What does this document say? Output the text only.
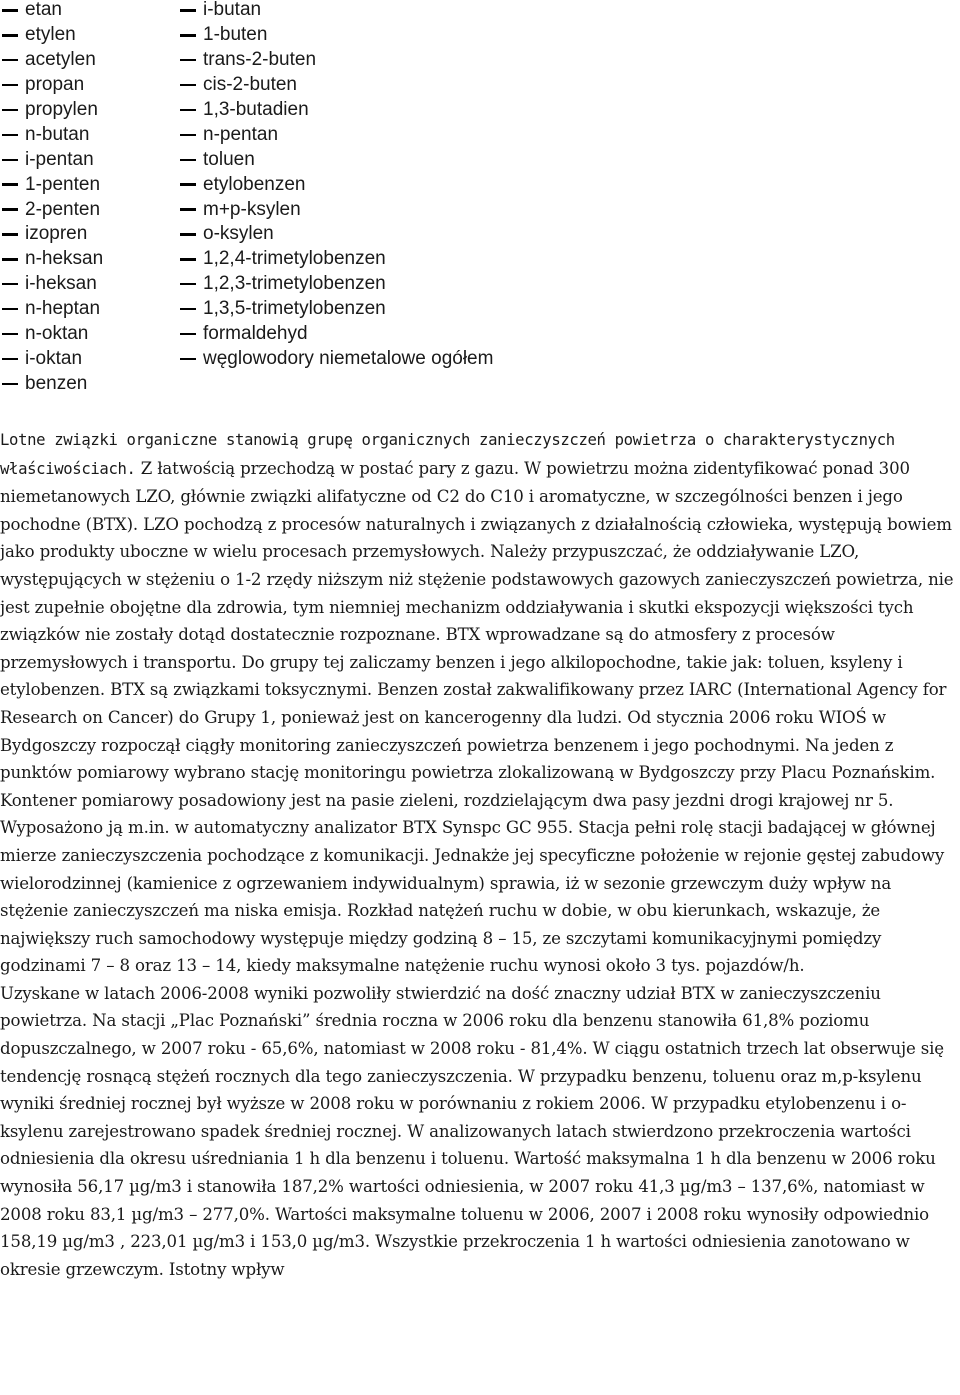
etan
etylen
acetylen
propan
propylen
n-butan
i-pentan
1-penten
2-penten
izopren
n-heksan
i-heksan
n-heptan
n-oktan
i-oktan
benzen
i-butan
1-buten
trans-2-buten
cis-2-buten
1,3-butadien
n-pentan
toluen
etylobenzen
m+p-ksylen
o-ksylen
1,2,4-trimetylobenzen
1,2,3-trimetylobenzen
1,3,5-trimetylobenzen
formaldehyd
węglowodory niemetalowe ogółem
Lotne związki organiczne stanowią grupę organicznych zanieczyszczeń powietrza o charakterystycznych właściwościach. Z łatwością przechodzą w postać pary z gazu. W powietrzu można zidentyfikować ponad 300 niemetanowych LZO, głównie związki alifatyczne od C2 do C10 i aromatyczne, w szczególności benzen i jego pochodne (BTX). LZO pochodzą z procesów naturalnych i związanych z działalnością człowieka, występują bowiem jako produkty uboczne w wielu procesach przemysłowych. Należy przypuszczać, że oddziaływanie LZO, występujących w stężeniu o 1-2 rzędy niższym niż stężenie podstawowych gazowych zanieczyszczeń powietrza, nie jest zupełnie obojętne dla zdrowia, tym niemniej mechanizm oddziaływania i skutki ekspozycji większości tych związków nie zostały dotąd dostatecznie rozpoznane. BTX wprowadzane są do atmosfery z procesów przemysłowych i transportu. Do grupy tej zaliczamy benzen i jego alkilopochodne, takie jak: toluen, ksyleny i etylobenzen. BTX są związkami toksycznymi. Benzen został zakwalifikowany przez IARC (International Agency for Research on Cancer) do Grupy 1, ponieważ jest on kancerogenny dla ludzi. Od stycznia 2006 roku WIOŚ w Bydgoszczy rozpoczął ciągły monitoring zanieczyszczeń powietrza benzenem i jego pochodnymi. Na jeden z punktów pomiarowy wybrano stację monitoringu powietrza zlokalizowaną w Bydgoszczy przy Placu Poznańskim. Kontener pomiarowy posadowiony jest na pasie zieleni, rozdzielającym dwa pasy jezdni drogi krajowej nr 5. Wyposażono ją m.in. w automatyczny analizator BTX Synspc GC 955. Stacja pełni rolę stacji badającej w głównej mierze zanieczyszczenia pochodzące z komunikacji. Jednakże jej specyficzne położenie w rejonie gęstej zabudowy wielorodzinnej (kamienice z ogrzewaniem indywidualnym) sprawia, iż w sezonie grzewczym duży wpływ na stężenie zanieczyszczeń ma niska emisja. Rozkład natężeń ruchu w dobie, w obu kierunkach, wskazuje, że największy ruch samochodowy występuje między godziną 8 – 15, ze szczytami komunikacyjnymi pomiędzy godzinami 7 – 8 oraz 13 – 14, kiedy maksymalne natężenie ruchu wynosi około 3 tys. pojazdów/h.
Uzyskane w latach 2006-2008 wyniki pozwoliły stwierdzić na dość znaczny udział BTX w zanieczyszczeniu powietrza. Na stacji „Plac Poznański” średnia roczna w 2006 roku dla benzenu stanowiła 61,8% poziomu dopuszczalnego, w 2007 roku - 65,6%, natomiast w 2008 roku - 81,4%. W ciągu ostatnich trzech lat obserwuje się tendencję rosnącą stężeń rocznych dla tego zanieczyszczenia. W przypadku benzenu, toluenu oraz m,p-ksylenu wyniki średniej rocznej był wyższe w 2008 roku w porównaniu z rokiem 2006. W przypadku etylobenzenu i o-ksylenu zarejestrowano spadek średniej rocznej. W analizowanych latach stwierdzono przekroczenia wartości odniesienia dla okresu uśredniania 1 h dla benzenu i toluenu. Wartość maksymalna 1 h dla benzenu w 2006 roku wynosiła 56,17 µg/m3 i stanowiła 187,2% wartości odniesienia, w 2007 roku 41,3 µg/m3 – 137,6%, natomiast w 2008 roku 83,1 µg/m3 – 277,0%. Wartości maksymalne toluenu w 2006, 2007 i 2008 roku wynosiły odpowiednio 158,19 µg/m3 , 223,01 µg/m3 i 153,0 µg/m3. Wszystkie przekroczenia 1 h wartości odniesienia zanotowano w okresie grzewczym. Istotny wpływ
